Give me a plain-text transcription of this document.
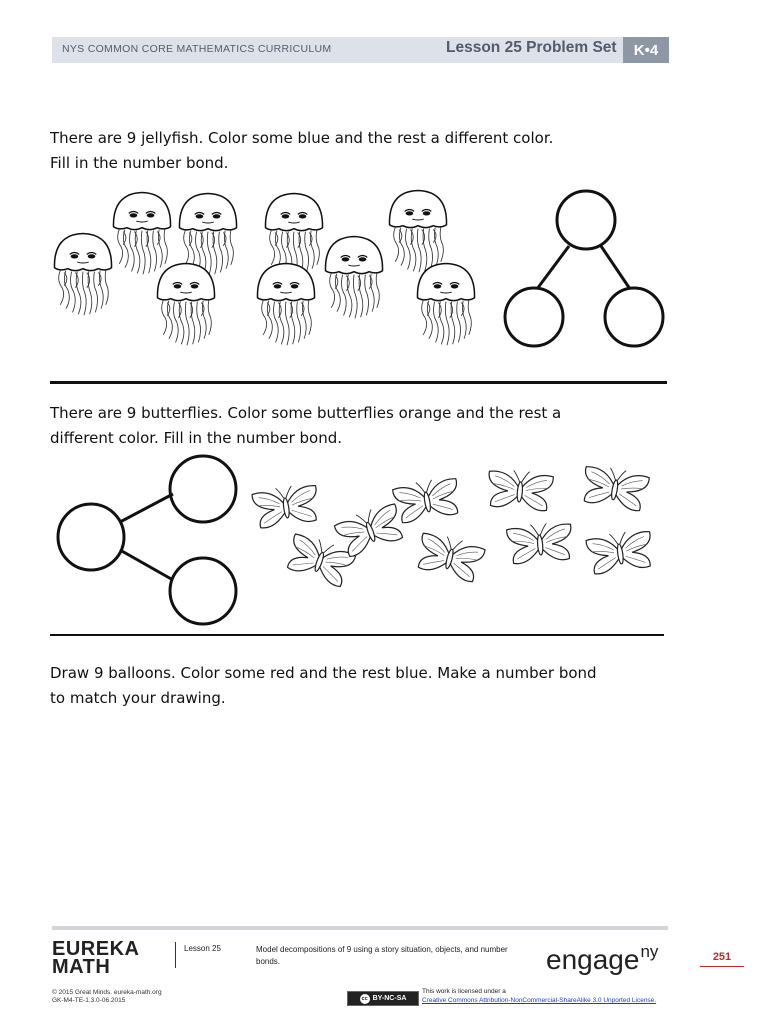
NYS COMMON CORE MATHEMATICS CURRICULUM	Lesson 25 Problem Set	K•4

There are 9 jellyfish. Color some blue and the rest a different color.

Fill in the number bond.

There are 9 butterflies. Color some butterflies orange and the rest a

different color. Fill in the number bond.

Draw 9 balloons. Color some red and the rest blue. Make a number bond

to match your drawing.

EUREKA
MATH
Lesson 25	Model decompositions of 9 using a story situation, objects, and number bonds.	engage$^{ny}$	251
© 2015 Great Minds. eureka-math.org
GK-M4-TE-1.3.0-06.2015	cc BY-NC-SA
This work is licensed under a
Creative Commons Attribution-NonCommercial-ShareAlike 3.0 Unported License.
